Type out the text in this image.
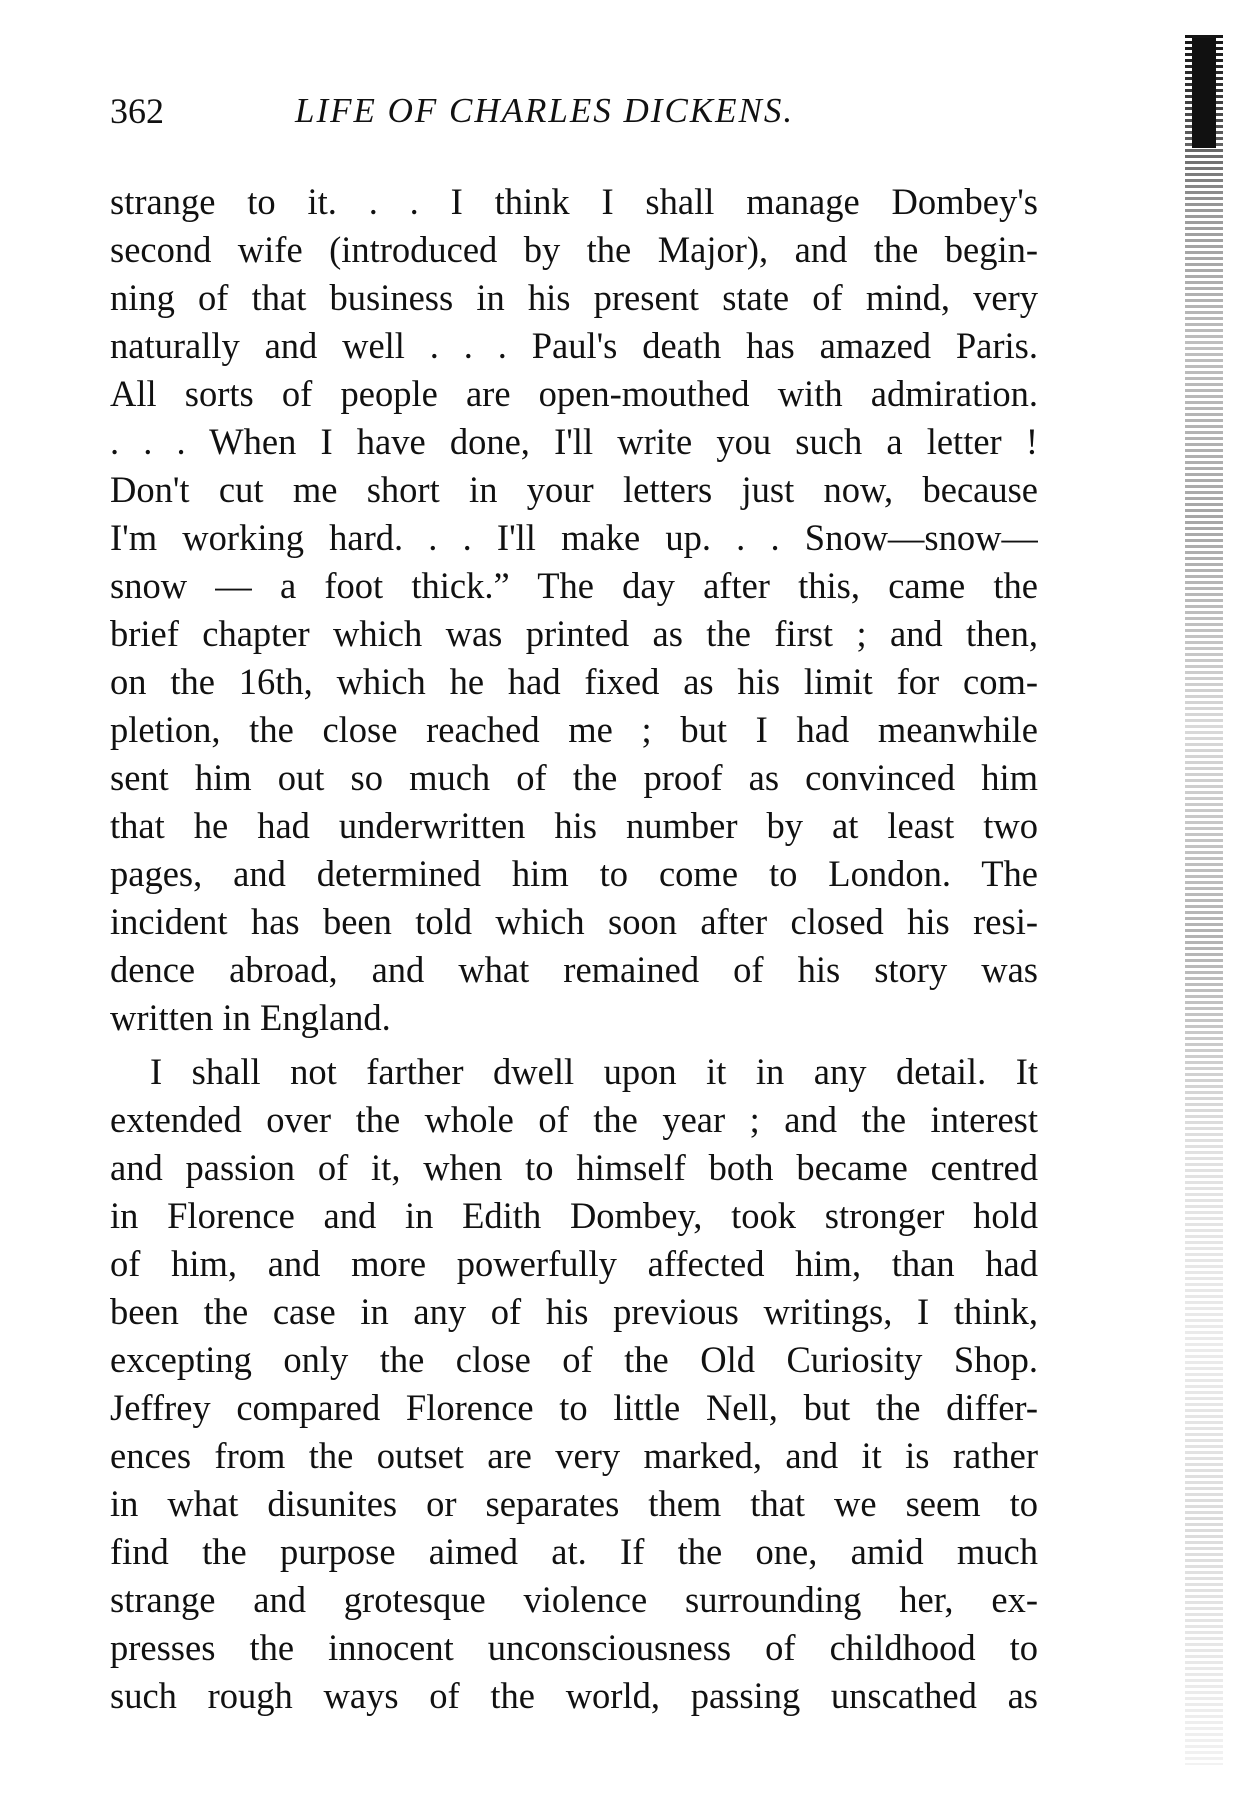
362	LIFE OF CHARLES DICKENS.
strange to it. . . I think I shall manage Dombey's
second wife (introduced by the Major), and the begin-
ning of that business in his present state of mind, very
naturally and well . . . Paul's death has amazed Paris.
All sorts of people are open-mouthed with admiration.
. . . When I have done, I'll write you such a letter !
Don't cut me short in your letters just now, because
I'm working hard. . . I'll make up. . . Snow—snow—
snow — a foot thick.” The day after this, came the
brief chapter which was printed as the first ; and then,
on the 16th, which he had fixed as his limit for com-
pletion, the close reached me ; but I had meanwhile
sent him out so much of the proof as convinced him
that he had underwritten his number by at least two
pages, and determined him to come to London. The
incident has been told which soon after closed his resi-
dence abroad, and what remained of his story was
written in England.
I shall not farther dwell upon it in any detail. It
extended over the whole of the year ; and the interest
and passion of it, when to himself both became centred
in Florence and in Edith Dombey, took stronger hold
of him, and more powerfully affected him, than had
been the case in any of his previous writings, I think,
excepting only the close of the Old Curiosity Shop.
Jeffrey compared Florence to little Nell, but the differ-
ences from the outset are very marked, and it is rather
in what disunites or separates them that we seem to
find the purpose aimed at. If the one, amid much
strange and grotesque violence surrounding her, ex-
presses the innocent unconsciousness of childhood to
such rough ways of the world, passing unscathed as
